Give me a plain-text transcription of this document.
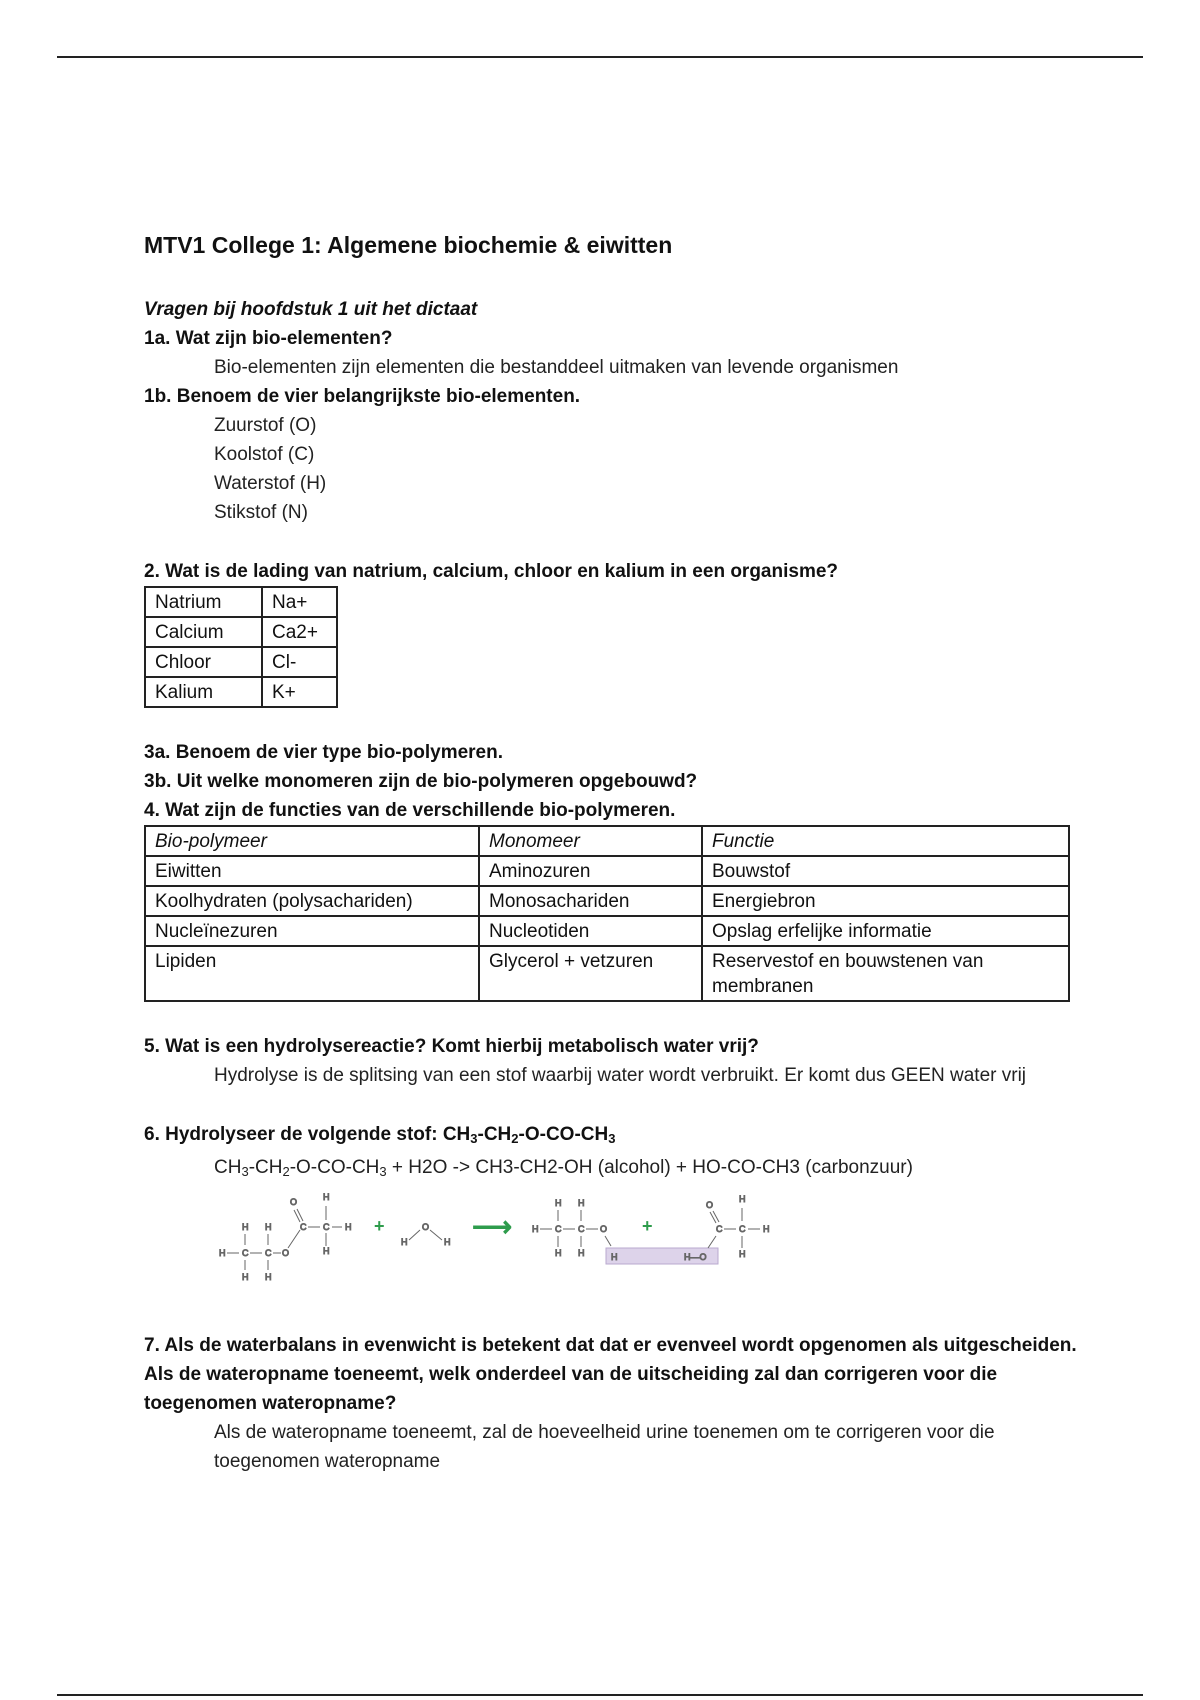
MTV1 College 1: Algemene biochemie & eiwitten
Vragen bij hoofdstuk 1 uit het dictaat
1a. Wat zijn bio-elementen?
Bio-elementen zijn elementen die bestanddeel uitmaken van levende organismen
1b. Benoem de vier belangrijkste bio-elementen.
Zuurstof (O)
Koolstof (C)
Waterstof (H)
Stikstof (N)
2. Wat is de lading van natrium, calcium, chloor en kalium in een organisme?
Natrium	Na+
Calcium	Ca2+
Chloor	Cl-
Kalium	K+
3a. Benoem de vier type bio-polymeren.
3b. Uit welke monomeren zijn de bio-polymeren opgebouwd?
4. Wat zijn de functies van de verschillende bio-polymeren.
Bio-polymeer	Monomeer	Functie
Eiwitten	Aminozuren	Bouwstof
Koolhydraten (polysachariden)	Monosachariden	Energiebron
Nucleïnezuren	Nucleotiden	Opslag erfelijke informatie
Lipiden	Glycerol + vetzuren	Reservestof en bouwstenen van membranen
5. Wat is een hydrolysereactie? Komt hierbij metabolisch water vrij?
Hydrolyse is de splitsing van een stof waarbij water wordt verbruikt. Er komt dus GEEN water vrij
6. Hydrolyseer de volgende stof: CH3-CH2-O-CO-CH3
CH3-CH2-O-CO-CH3 + H2O -> CH3-CH2-OH (alcohol) + HO-CO-CH3 (carbonzuur)
H C C O
H H
H H
C
O
C
H
H
H +
H
O
H ⟶ H C C O
H H
H H	H	H—O
+
O
C C
H
H
H
7. Als de waterbalans in evenwicht is betekent dat dat er evenveel wordt opgenomen als uitgescheiden. Als de wateropname toeneemt, welk onderdeel van de uitscheiding zal dan corrigeren voor die toegenomen wateropname?
Als de wateropname toeneemt, zal de hoeveelheid urine toenemen om te corrigeren voor die toegenomen wateropname
